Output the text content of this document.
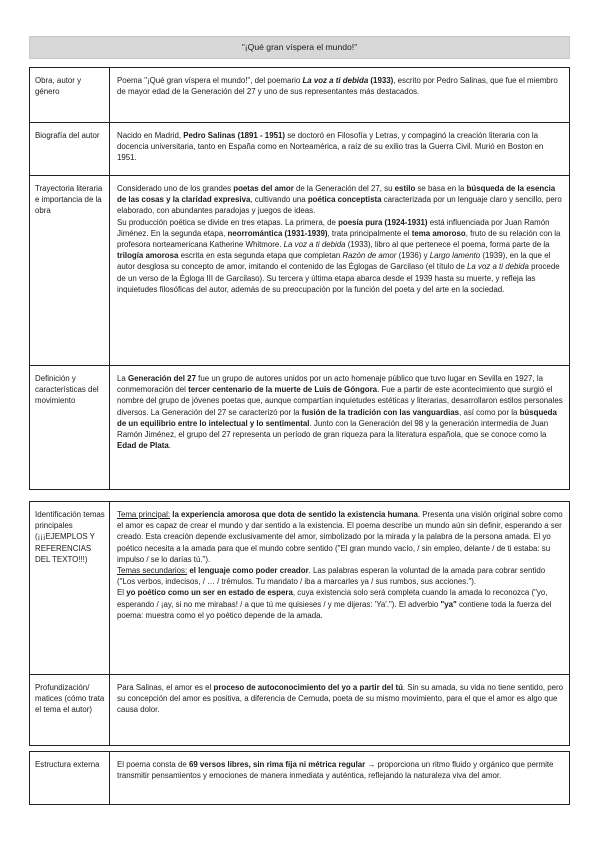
"¡Qué gran víspera el mundo!"
Obra, autor y género

Poema "¡Qué gran víspera el mundo!", del poemario La voz a ti debida (1933), escrito por Pedro Salinas, que fue el miembro de mayor edad de la Generación del 27 y uno de sus representantes más destacados.

Biografía del autor	Nacido en Madrid, Pedro Salinas (1891 - 1951) se doctoró en Filosofía y Letras, y compaginó la creación literaria con la docencia universitaria, tanto en España como en Norteamérica, a raíz de su exilio tras la Guerra Civil. Murió en Boston en 1951.

Trayectoria literaria e importancia de la obra

Considerado uno de los grandes poetas del amor de la Generación del 27, su estilo se basa en la búsqueda de la esencia de las cosas y la claridad expresiva, cultivando una poética conceptista caracterizada por un lenguaje claro y sencillo, pero elaborado, con abundantes paradojas y juegos de ideas.

Su producción poética se divide en tres etapas. La primera, de poesía pura (1924-1931) está influenciada por Juan Ramón Jiménez. En la segunda etapa, neorromántica (1931-1939), trata principalmente el tema amoroso, fruto de su relación con la profesora norteamericana Katherine Whitmore. La voz a ti debida (1933), libro al que pertenece el poema, forma parte de la trilogía amorosa escrita en esta segunda etapa que completan Razón de amor (1936) y Largo lamento (1939), en la que el autor desglosa su concepto de amor, imitando el contenido de las Églogas de Garcilaso (el título de La voz a ti debida procede de un verso de la Égloga III de Garcilaso). Su tercera y última etapa abarca desde el 1939 hasta su muerte, y refleja las inquietudes filosóficas del autor, además de su preocupación por la función del poeta y del arte en la sociedad.

Definición y características del movimiento

La Generación del 27 fue un grupo de autores unidos por un acto homenaje público que tuvo lugar en Sevilla en 1927, la conmemoración del tercer centenario de la muerte de Luis de Góngora. Fue a partir de este acontecimiento que surgió el nombre del grupo de jóvenes poetas que, aunque compartían inquietudes estéticas y literarias, desarrollaron estilos personales diversos. La Generación del 27 se caracterizó por la fusión de la tradición con las vanguardias, así como por la búsqueda de un equilibrio entre lo intelectual y lo sentimental. Junto con la Generación del 98 y la generación intermedia de Juan Ramón Jiménez, el grupo del 27 representa un período de gran riqueza para la literatura española, que se conoce como la Edad de Plata.

Identificación temas principales (¡¡¡EJEMPLOS Y REFERENCIAS DEL TEXTO!!!)

Tema principal: la experiencia amorosa que dota de sentido la existencia humana. Presenta una visión original sobre como el amor es capaz de crear el mundo y dar sentido a la existencia. El poema describe un mundo aún sin definir, esperando a ser creado. Esta creación depende exclusivamente del amor, simbolizado por la mirada y la palabra de la persona amada. El yo poético necesita a la amada para que el mundo cobre sentido ("El gran mundo vacío, / sin empleo, delante / de ti estaba: su impulso / se lo darías tú.").

Temas secundarios: el lenguaje como poder creador. Las palabras esperan la voluntad de la amada para cobrar sentido ("Los verbos, indecisos, / … / trémulos. Tu mandato / iba a marcarles ya / sus rumbos, sus acciones.").

El yo poético como un ser en estado de espera, cuya existencia solo será completa cuando la amada lo reconozca ("yo, esperando / ¡ay, si no me mirabas! / a que tú me quisieses / y me dijeras: 'Ya'."). El adverbio "ya" contiene toda la fuerza del poema: muestra como el yo poético depende de la amada.

Profundización/ matices (cómo trata el tema el autor)

Para Salinas, el amor es el proceso de autoconocimiento del yo a partir del tú. Sin su amada, su vida no tiene sentido, pero su concepción del amor es positiva, a diferencia de Cernuda, poeta de su mismo movimiento, para el que el amor es algo que causa dolor.

Estructura externa	El poema consta de 69 versos libres, sin rima fija ni métrica regular → proporciona un ritmo fluido y orgánico que permite transmitir pensamientos y emociones de manera inmediata y auténtica, reflejando la naturaleza viva del amor.
